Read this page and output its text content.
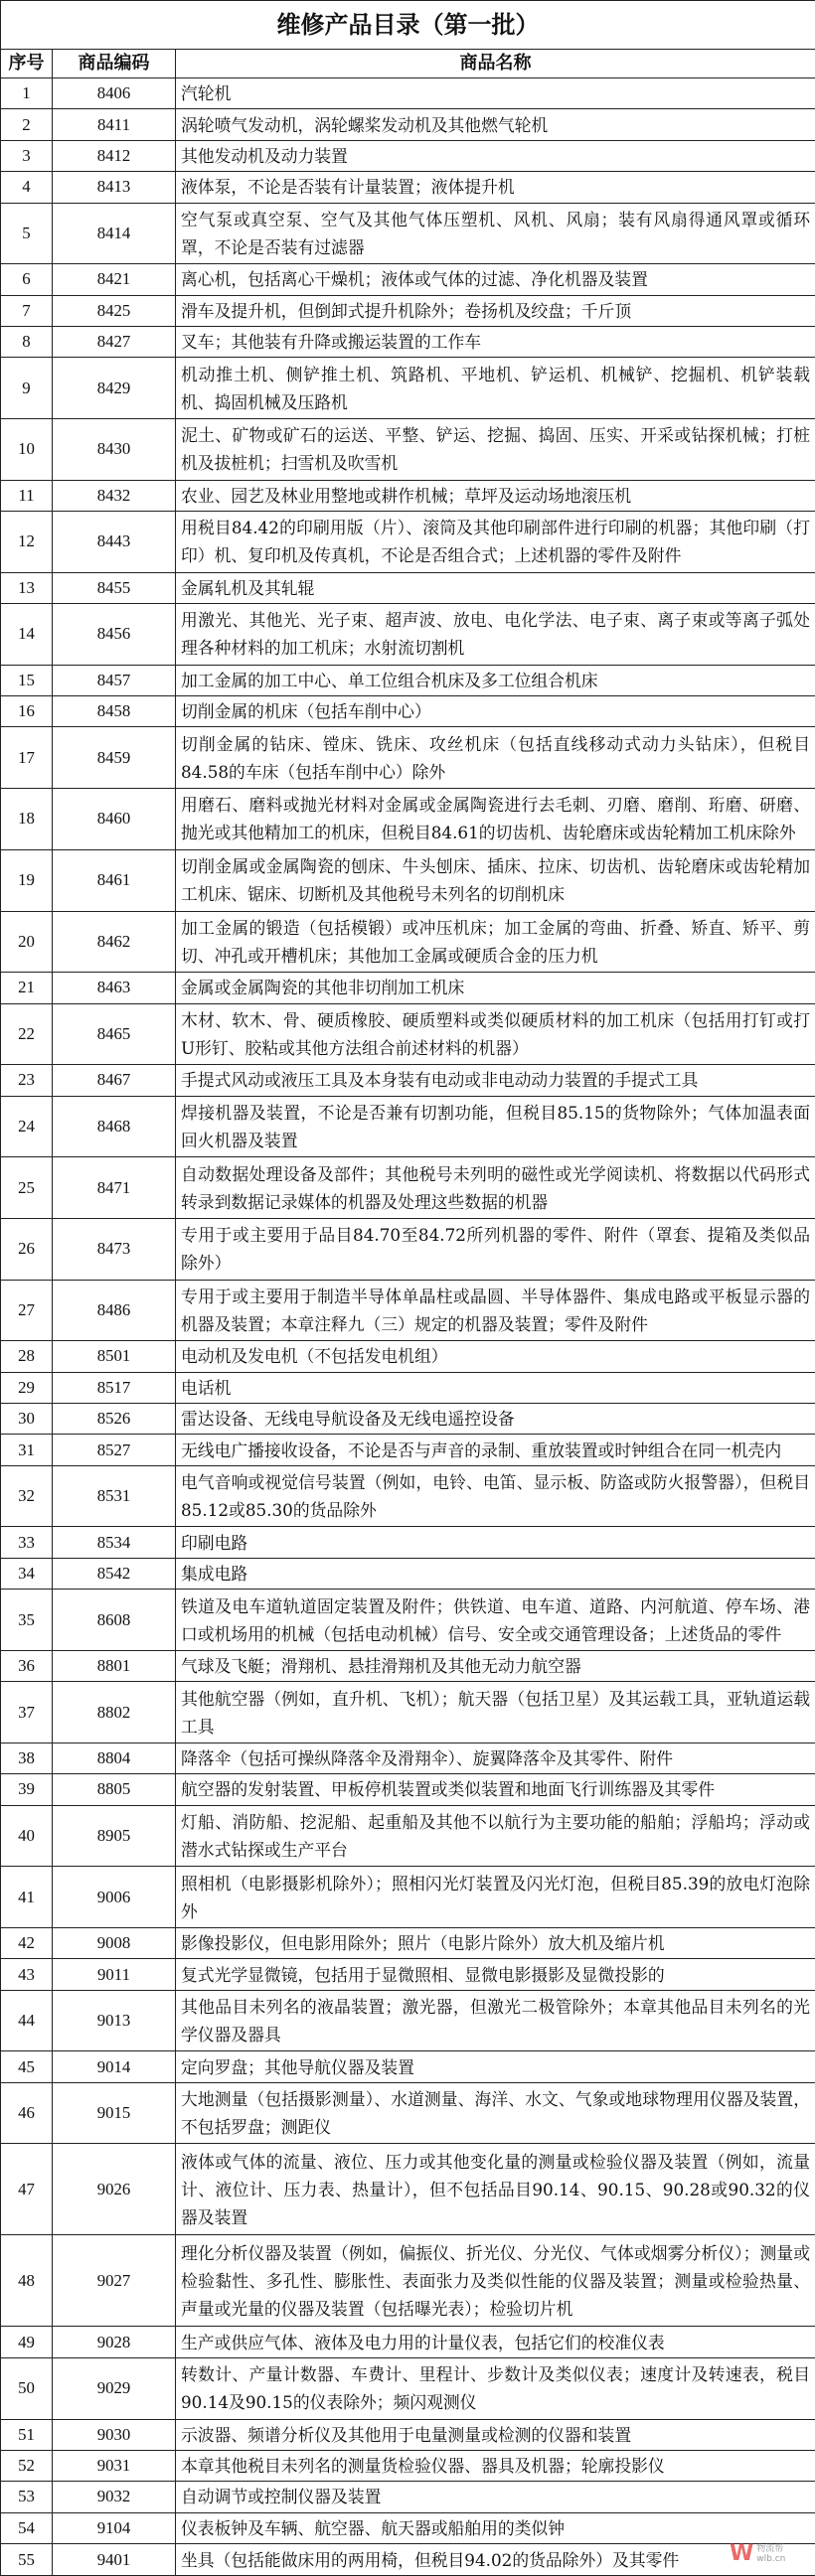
维修产品目录（第一批）		
序号	商品编码	商品名称
1	8406	汽轮机
2	8411	涡轮喷气发动机，涡轮螺桨发动机及其他燃气轮机
3	8412	其他发动机及动力装置
4	8413	液体泵，不论是否装有计量装置；液体提升机
5	8414	空气泵或真空泵、空气及其他气体压塑机、风机、风扇；装有风扇得通风罩或循环罩，不论是否装有过滤器
6	8421	离心机，包括离心干燥机；液体或气体的过滤、净化机器及装置
7	8425	滑车及提升机，但倒卸式提升机除外；卷扬机及绞盘；千斤顶
8	8427	叉车；其他装有升降或搬运装置的工作车
9	8429	机动推土机、侧铲推土机、筑路机、平地机、铲运机、机械铲、挖掘机、机铲装载机、捣固机械及压路机
10	8430	泥土、矿物或矿石的运送、平整、铲运、挖掘、捣固、压实、开采或钻探机械；打桩机及拔桩机；扫雪机及吹雪机
11	8432	农业、园艺及林业用整地或耕作机械；草坪及运动场地滚压机
12	8443	用税目84.42的印刷用版（片）、滚筒及其他印刷部件进行印刷的机器；其他印刷（打印）机、复印机及传真机，不论是否组合式；上述机器的零件及附件
13	8455	金属轧机及其轧辊
14	8456	用激光、其他光、光子束、超声波、放电、电化学法、电子束、离子束或等离子弧处理各种材料的加工机床；水射流切割机
15	8457	加工金属的加工中心、单工位组合机床及多工位组合机床
16	8458	切削金属的机床（包括车削中心）
17	8459	切削金属的钻床、镗床、铣床、攻丝机床（包括直线移动式动力头钻床），但税目84.58的车床（包括车削中心）除外
18	8460	用磨石、磨料或抛光材料对金属或金属陶瓷进行去毛刺、刃磨、磨削、珩磨、研磨、抛光或其他精加工的机床，但税目84.61的切齿机、齿轮磨床或齿轮精加工机床除外
19	8461	切削金属或金属陶瓷的刨床、牛头刨床、插床、拉床、切齿机、齿轮磨床或齿轮精加工机床、锯床、切断机及其他税号未列名的切削机床
20	8462	加工金属的锻造（包括模锻）或冲压机床；加工金属的弯曲、折叠、矫直、矫平、剪切、冲孔或开槽机床；其他加工金属或硬质合金的压力机
21	8463	金属或金属陶瓷的其他非切削加工机床
22	8465	木材、软木、骨、硬质橡胶、硬质塑料或类似硬质材料的加工机床（包括用打钉或打U形钉、胶粘或其他方法组合前述材料的机器）
23	8467	手提式风动或液压工具及本身装有电动或非电动动力装置的手提式工具
24	8468	焊接机器及装置，不论是否兼有切割功能，但税目85.15的货物除外；气体加温表面回火机器及装置
25	8471	自动数据处理设备及部件；其他税号未列明的磁性或光学阅读机、将数据以代码形式转录到数据记录媒体的机器及处理这些数据的机器
26	8473	专用于或主要用于品目84.70至84.72所列机器的零件、附件（罩套、提箱及类似品除外）
27	8486	专用于或主要用于制造半导体单晶柱或晶圆、半导体器件、集成电路或平板显示器的机器及装置；本章注释九（三）规定的机器及装置；零件及附件
28	8501	电动机及发电机（不包括发电机组）
29	8517	电话机
30	8526	雷达设备、无线电导航设备及无线电遥控设备
31	8527	无线电广播接收设备，不论是否与声音的录制、重放装置或时钟组合在同一机壳内
32	8531	电气音响或视觉信号装置（例如，电铃、电笛、显示板、防盗或防火报警器），但税目85.12或85.30的货品除外
33	8534	印刷电路
34	8542	集成电路
35	8608	铁道及电车道轨道固定装置及附件；供铁道、电车道、道路、内河航道、停车场、港口或机场用的机械（包括电动机械）信号、安全或交通管理设备；上述货品的零件
36	8801	气球及飞艇；滑翔机、悬挂滑翔机及其他无动力航空器
37	8802	其他航空器（例如，直升机、飞机）；航天器（包括卫星）及其运载工具，亚轨道运载工具
38	8804	降落伞（包括可操纵降落伞及滑翔伞）、旋翼降落伞及其零件、附件
39	8805	航空器的发射装置、甲板停机装置或类似装置和地面飞行训练器及其零件
40	8905	灯船、消防船、挖泥船、起重船及其他不以航行为主要功能的船舶；浮船坞；浮动或潜水式钻探或生产平台
41	9006	照相机（电影摄影机除外）；照相闪光灯装置及闪光灯泡，但税目85.39的放电灯泡除外
42	9008	影像投影仪，但电影用除外；照片（电影片除外）放大机及缩片机
43	9011	复式光学显微镜，包括用于显微照相、显微电影摄影及显微投影的
44	9013	其他品目未列名的液晶装置；激光器，但激光二极管除外；本章其他品目未列名的光学仪器及器具
45	9014	定向罗盘；其他导航仪器及装置
46	9015	大地测量（包括摄影测量）、水道测量、海洋、水文、气象或地球物理用仪器及装置，不包括罗盘；测距仪
47	9026	液体或气体的流量、液位、压力或其他变化量的测量或检验仪器及装置（例如，流量计、液位计、压力表、热量计），但不包括品目90.14、90.15、90.28或90.32的仪器及装置
48	9027	理化分析仪器及装置（例如，偏振仪、折光仪、分光仪、气体或烟雾分析仪）；测量或检验黏性、多孔性、膨胀性、表面张力及类似性能的仪器及装置；测量或检验热量、声量或光量的仪器及装置（包括曝光表）；检验切片机
49	9028	生产或供应气体、液体及电力用的计量仪表，包括它们的校准仪表
50	9029	转数计、产量计数器、车费计、里程计、步数计及类似仪表；速度计及转速表，税目90.14及90.15的仪表除外；频闪观测仪
51	9030	示波器、频谱分析仪及其他用于电量测量或检测的仪器和装置
52	9031	本章其他税目未列名的测量货检验仪器、器具及机器；轮廓投影仪
53	9032	自动调节或控制仪器及装置
54	9104	仪表板钟及车辆、航空器、航天器或船舶用的类似钟
55	9401	坐具（包括能做床用的两用椅，但税目94.02的货品除外）及其零件 W 物流帮
wlb.cn
